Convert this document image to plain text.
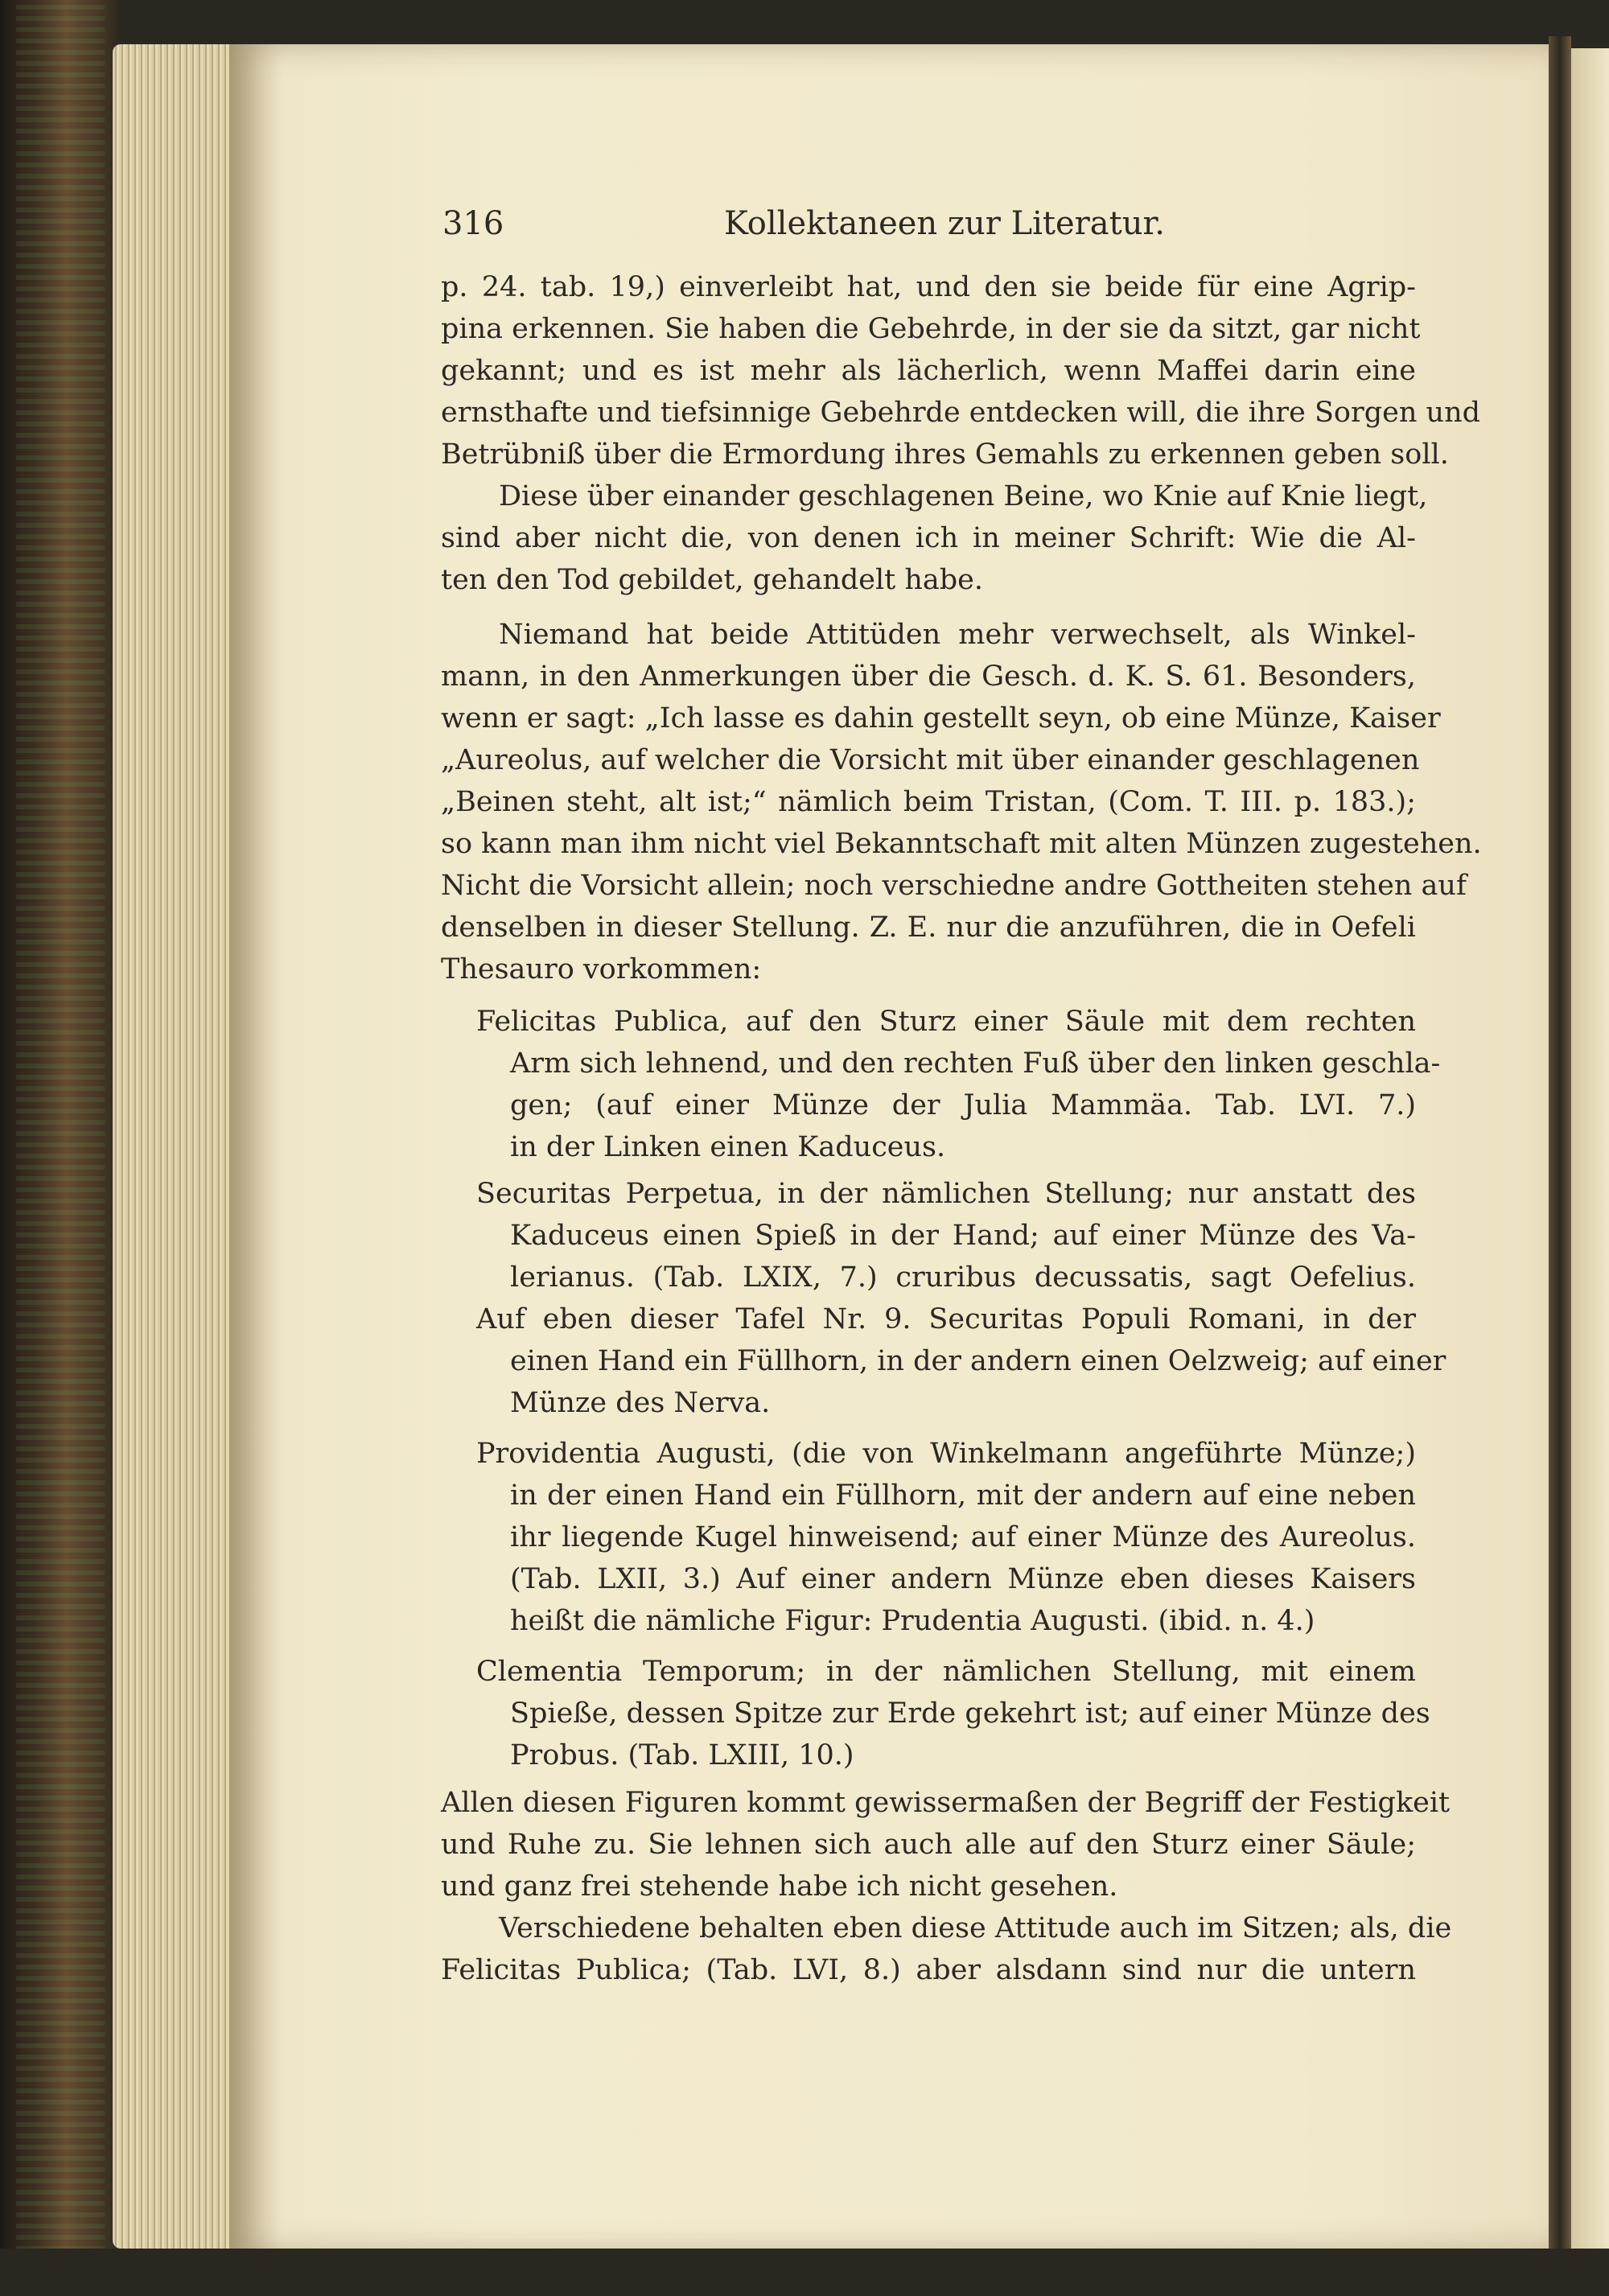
316	Kollektaneen zur Literatur.
p. 24. tab. 19,) einverleibt hat, und den sie beide für eine Agrip-
pina erkennen. Sie haben die Gebehrde, in der sie da sitzt, gar nicht
gekannt; und es ist mehr als lächerlich, wenn Maffei darin eine
ernsthafte und tiefsinnige Gebehrde entdecken will, die ihre Sorgen und
Betrübniß über die Ermordung ihres Gemahls zu erkennen geben soll.
Diese über einander geschlagenen Beine, wo Knie auf Knie liegt,
sind aber nicht die, von denen ich in meiner Schrift: Wie die Al-
ten den Tod gebildet, gehandelt habe.
Niemand hat beide Attitüden mehr verwechselt, als Winkel-
mann, in den Anmerkungen über die Gesch. d. K. S. 61. Besonders,
wenn er sagt: „Ich lasse es dahin gestellt seyn, ob eine Münze, Kaiser
„Aureolus, auf welcher die Vorsicht mit über einander geschlagenen
„Beinen steht, alt ist;“ nämlich beim Tristan, (Com. T. III. p. 183.);
so kann man ihm nicht viel Bekanntschaft mit alten Münzen zugestehen.
Nicht die Vorsicht allein; noch verschiedne andre Gottheiten stehen auf
denselben in dieser Stellung. Z. E. nur die anzuführen, die in Oefeli
Thesauro vorkommen:
Felicitas Publica, auf den Sturz einer Säule mit dem rechten
Arm sich lehnend, und den rechten Fuß über den linken geschla-
gen; (auf einer Münze der Julia Mammäa. Tab. LVI. 7.)
in der Linken einen Kaduceus.
Securitas Perpetua, in der nämlichen Stellung; nur anstatt des
Kaduceus einen Spieß in der Hand; auf einer Münze des Va-
lerianus. (Tab. LXIX, 7.) cruribus decussatis, sagt Oefelius.
Auf eben dieser Tafel Nr. 9. Securitas Populi Romani, in der
einen Hand ein Füllhorn, in der andern einen Oelzweig; auf einer
Münze des Nerva.
Providentia Augusti, (die von Winkelmann angeführte Münze;)
in der einen Hand ein Füllhorn, mit der andern auf eine neben
ihr liegende Kugel hinweisend; auf einer Münze des Aureolus.
(Tab. LXII, 3.) Auf einer andern Münze eben dieses Kaisers
heißt die nämliche Figur: Prudentia Augusti. (ibid. n. 4.)
Clementia Temporum; in der nämlichen Stellung, mit einem
Spieße, dessen Spitze zur Erde gekehrt ist; auf einer Münze des
Probus. (Tab. LXIII, 10.)
Allen diesen Figuren kommt gewissermaßen der Begriff der Festigkeit
und Ruhe zu. Sie lehnen sich auch alle auf den Sturz einer Säule;
und ganz frei stehende habe ich nicht gesehen.
Verschiedene behalten eben diese Attitude auch im Sitzen; als, die
Felicitas Publica; (Tab. LVI, 8.) aber alsdann sind nur die untern
